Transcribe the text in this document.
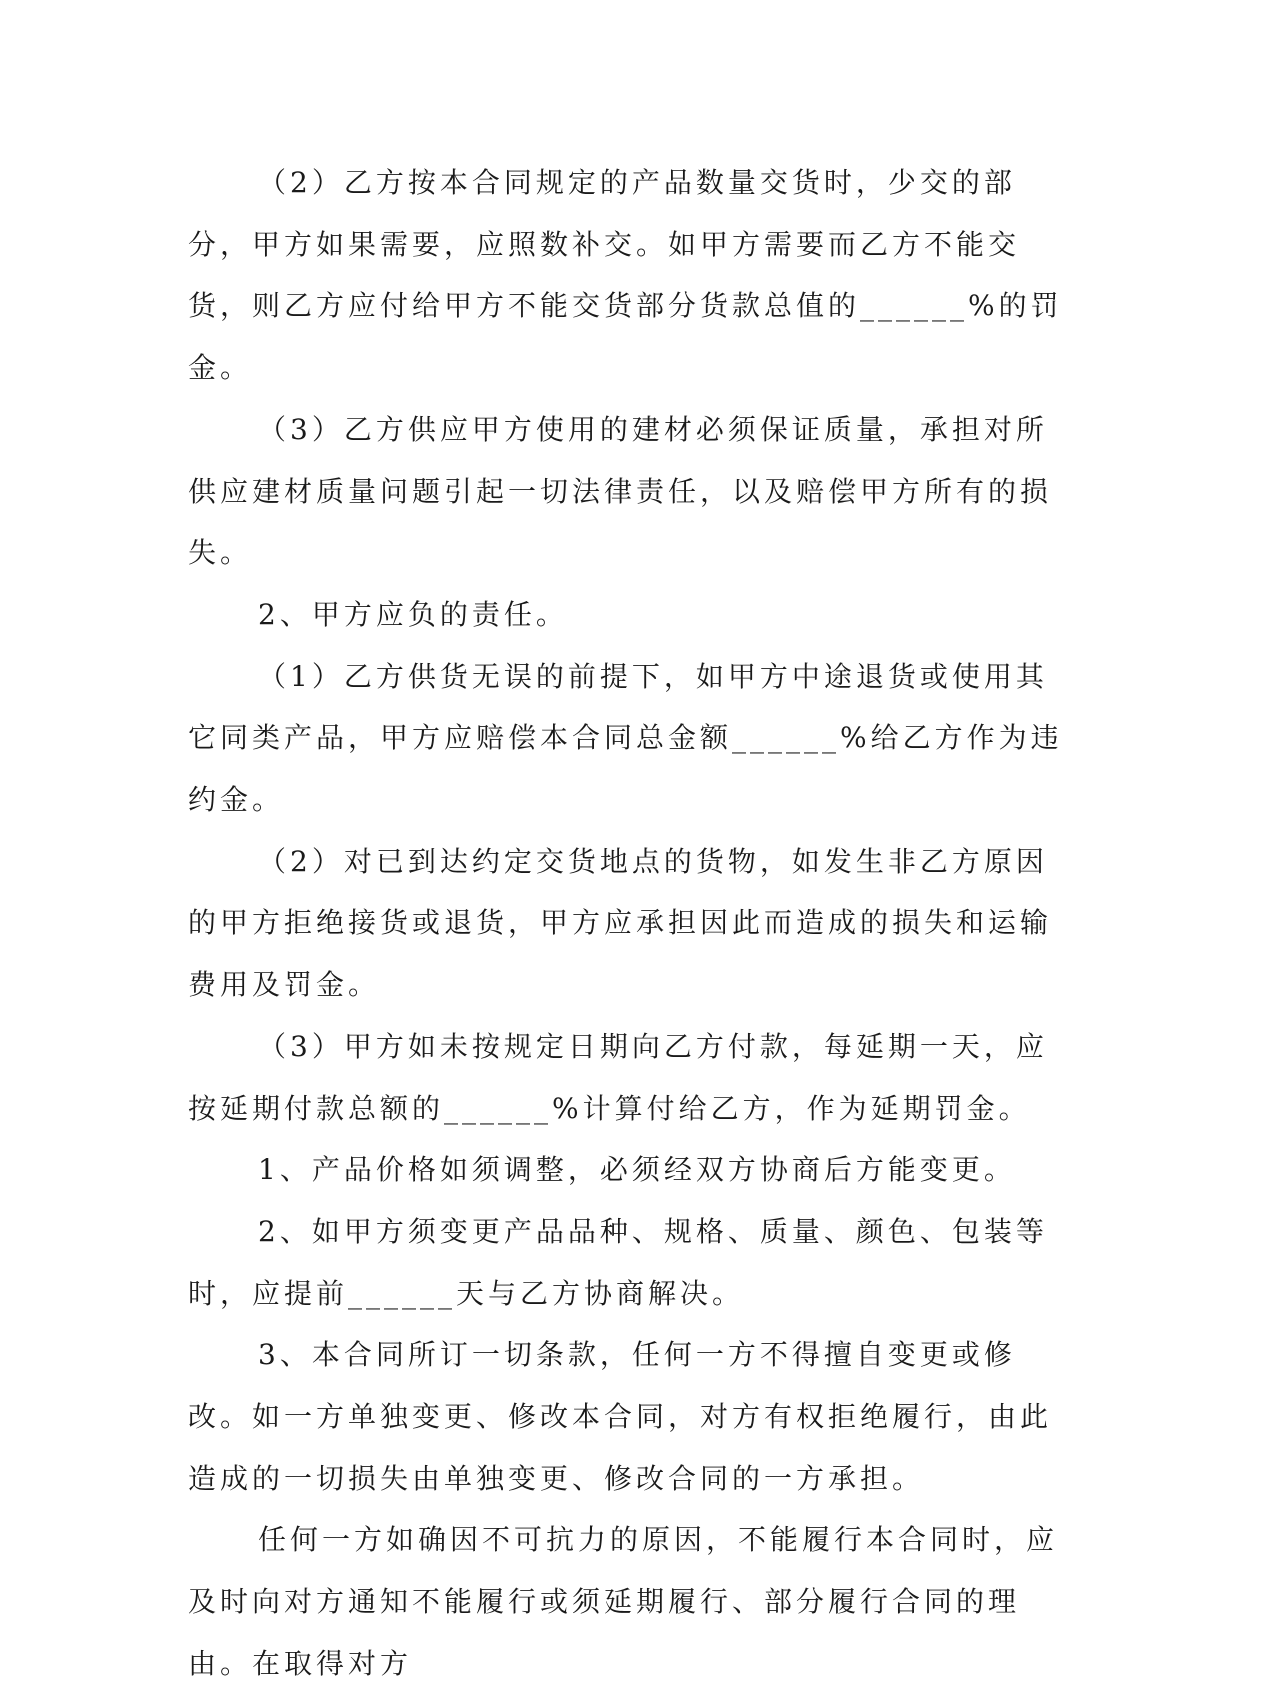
（2）乙方按本合同规定的产品数量交货时，少交的部分，甲方如果需要，应照数补交。如甲方需要而乙方不能交货，则乙方应付给甲方不能交货部分货款总值的______%的罚金。

（3）乙方供应甲方使用的建材必须保证质量，承担对所供应建材质量问题引起一切法律责任，以及赔偿甲方所有的损失。

2、甲方应负的责任。

（1）乙方供货无误的前提下，如甲方中途退货或使用其它同类产品，甲方应赔偿本合同总金额______%给乙方作为违约金。

（2）对已到达约定交货地点的货物，如发生非乙方原因的甲方拒绝接货或退货，甲方应承担因此而造成的损失和运输费用及罚金。

（3）甲方如未按规定日期向乙方付款，每延期一天，应按延期付款总额的______%计算付给乙方，作为延期罚金。

1、产品价格如须调整，必须经双方协商后方能变更。

2、如甲方须变更产品品种、规格、质量、颜色、包装等时，应提前______天与乙方协商解决。

3、本合同所订一切条款，任何一方不得擅自变更或修改。如一方单独变更、修改本合同，对方有权拒绝履行，由此造成的一切损失由单独变更、修改合同的一方承担。

任何一方如确因不可抗力的原因，不能履行本合同时，应及时向对方通知不能履行或须延期履行、部分履行合同的理由。在取得对方
